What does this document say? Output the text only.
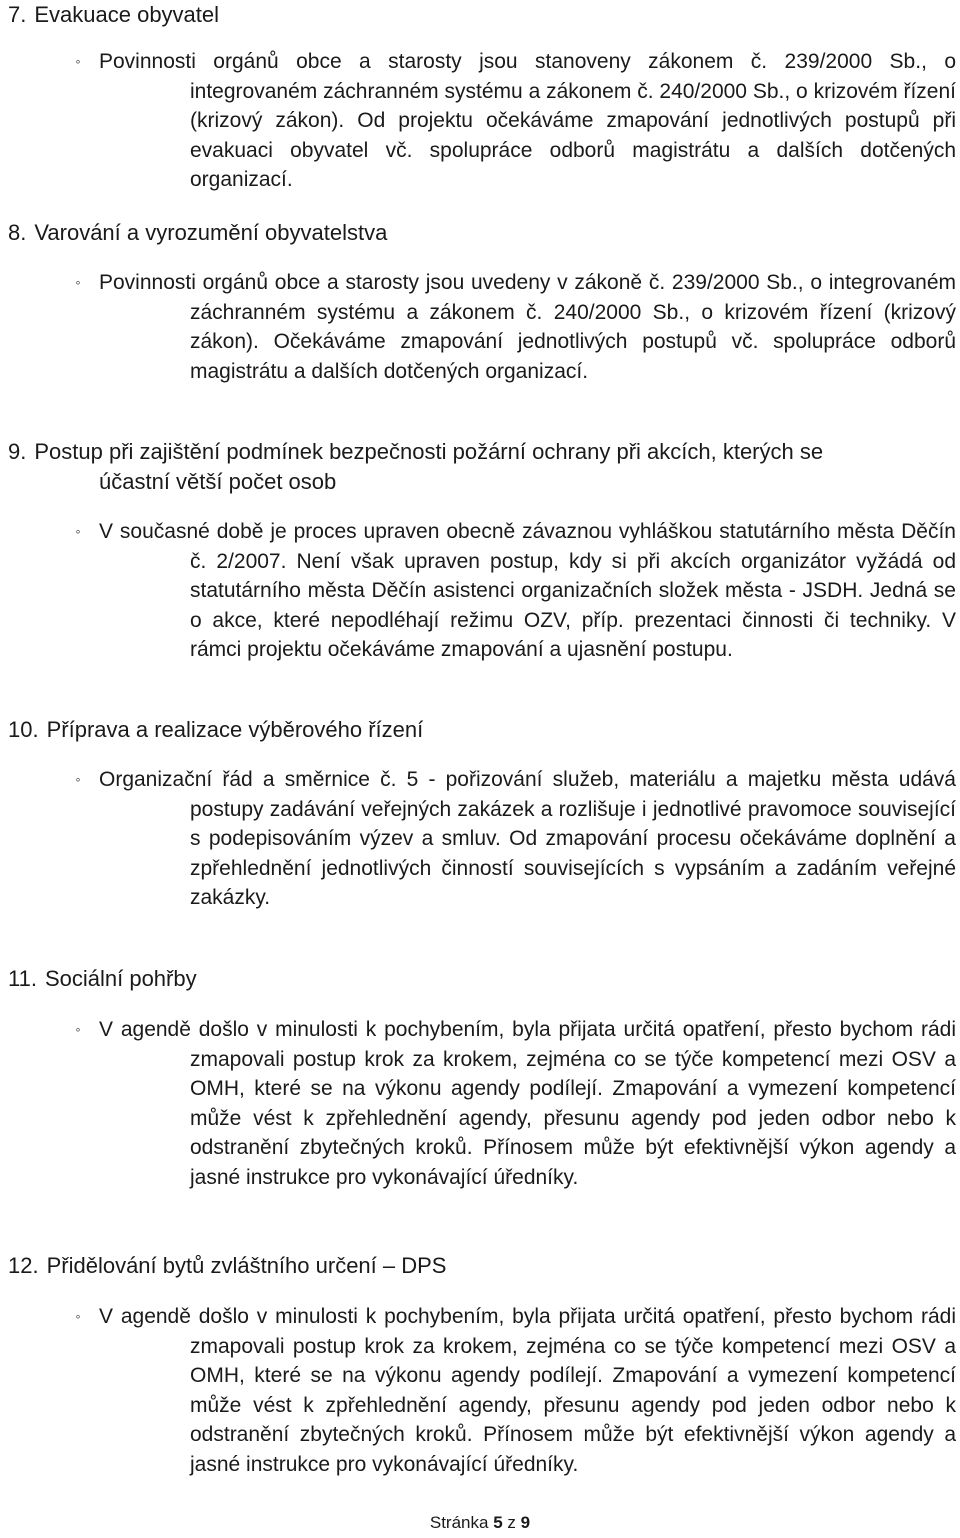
7. Evakuace obyvatel
◦ Povinnosti orgánů obce a starosty jsou stanoveny zákonem č. 239/2000 Sb., o integrovaném záchranném systému a zákonem č. 240/2000 Sb., o krizovém řízení (krizový zákon). Od projektu očekáváme zmapování jednotlivých postupů při evakuaci obyvatel vč. spolupráce odborů magistrátu a dalších dotčených organizací.
8. Varování a vyrozumění obyvatelstva
◦ Povinnosti orgánů obce a starosty jsou uvedeny v zákoně č. 239/2000 Sb., o integrovaném záchranném systému a zákonem č. 240/2000 Sb., o krizovém řízení (krizový zákon). Očekáváme zmapování jednotlivých postupů vč. spolupráce odborů magistrátu a dalších dotčených organizací.
9. Postup při zajištění podmínek bezpečnosti požární ochrany při akcích, kterých se
účastní větší počet osob
◦ V současné době je proces upraven obecně závaznou vyhláškou statutárního města Děčín č. 2/2007. Není však upraven postup, kdy si při akcích organizátor vyžádá od statutárního města Děčín asistenci organizačních složek města - JSDH. Jedná se o akce, které nepodléhají režimu OZV, příp. prezentaci činnosti či techniky. V rámci projektu očekáváme zmapování a ujasnění postupu.
10. Příprava a realizace výběrového řízení
◦ Organizační řád a směrnice č. 5 - pořizování služeb, materiálu a majetku města udává postupy zadávání veřejných zakázek a rozlišuje i jednotlivé pravomoce související s podepisováním výzev a smluv. Od zmapování procesu očekáváme doplnění a zpřehlednění jednotlivých činností souvisejících s vypsáním a zadáním veřejné zakázky.
11. Sociální pohřby
◦ V agendě došlo v minulosti k pochybením, byla přijata určitá opatření, přesto bychom rádi zmapovali postup krok za krokem, zejména co se týče kompetencí mezi OSV a OMH, které se na výkonu agendy podílejí. Zmapování a vymezení kompetencí může vést k zpřehlednění agendy, přesunu agendy pod jeden odbor nebo k odstranění zbytečných kroků. Přínosem může být efektivnější výkon agendy a jasné instrukce pro vykonávající úředníky.
12. Přidělování bytů zvláštního určení – DPS
◦ V agendě došlo v minulosti k pochybením, byla přijata určitá opatření, přesto bychom rádi zmapovali postup krok za krokem, zejména co se týče kompetencí mezi OSV a OMH, které se na výkonu agendy podílejí. Zmapování a vymezení kompetencí může vést k zpřehlednění agendy, přesunu agendy pod jeden odbor nebo k odstranění zbytečných kroků. Přínosem může být efektivnější výkon agendy a jasné instrukce pro vykonávající úředníky.
Stránka 5 z 9
